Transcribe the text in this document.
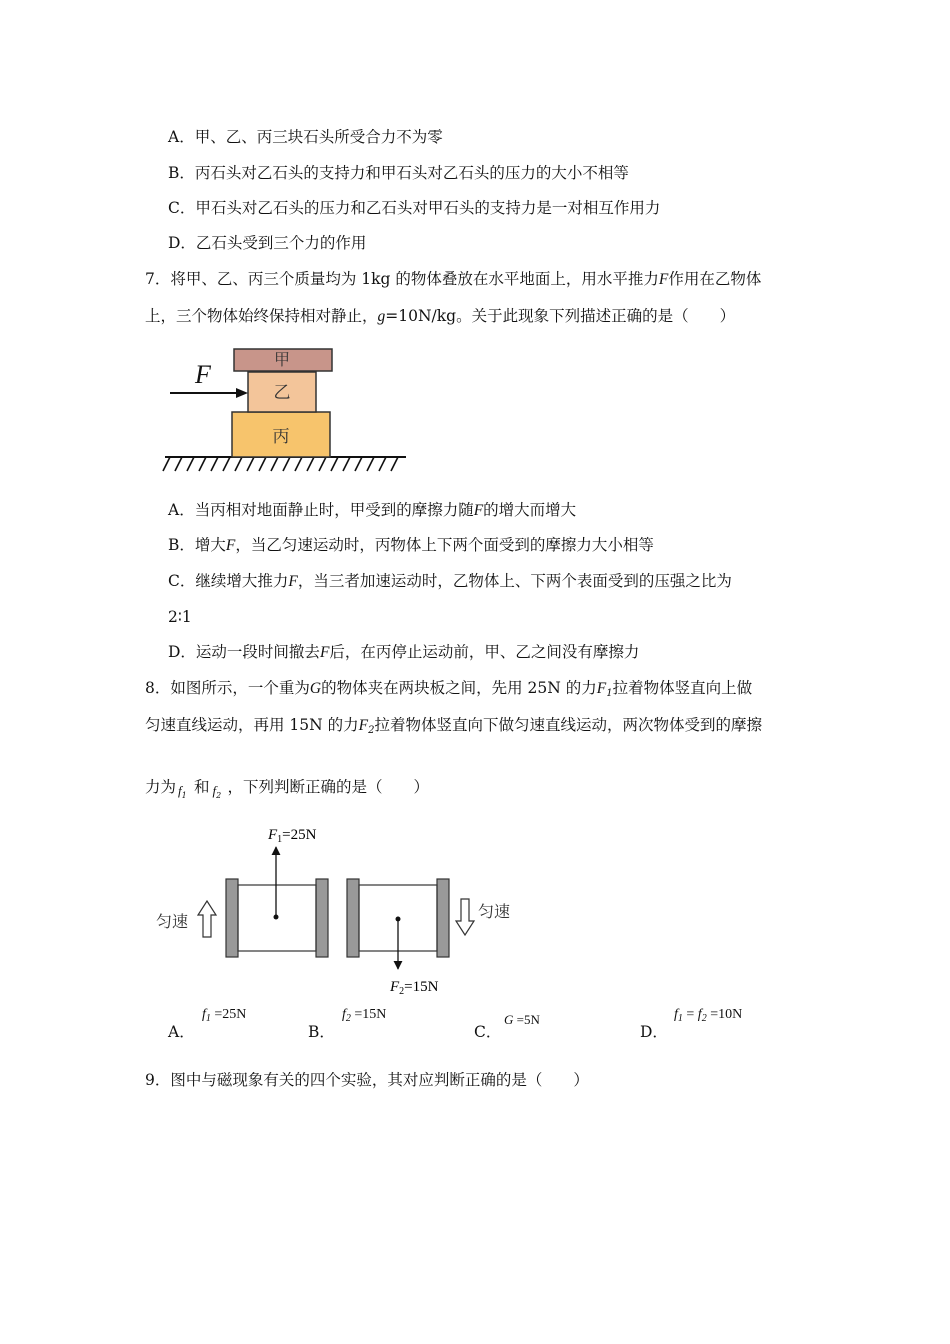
A．甲、乙、丙三块石头所受合力不为零
B．丙石头对乙石头的支持力和甲石头对乙石头的压力的大小不相等
C．甲石头对乙石头的压力和乙石头对甲石头的支持力是一对相互作用力
D．乙石头受到三个力的作用
7．将甲、乙、丙三个质量均为 1kg 的物体叠放在水平地面上，用水平推力F作用在乙物体
上，三个物体始终保持相对静止，g=10N/kg。关于此现象下列描述正确的是（　　）
丙
乙
甲
F
A．当丙相对地面静止时，甲受到的摩擦力随F的增大而增大
B．增大F，当乙匀速运动时，丙物体上下两个面受到的摩擦力大小相等
C．继续增大推力F，当三者加速运动时，乙物体上、下两个表面受到的压强之比为
2∶1
D．运动一段时间撤去F后，在丙停止运动前，甲、乙之间没有摩擦力
8．如图所示，一个重为G的物体夹在两块板之间，先用 25N 的力$F_1$拉着物体竖直向上做
匀速直线运动，再用 15N 的力$F_2$拉着物体竖直向下做匀速直线运动，两次物体受到的摩擦
力为 $f_1$ 和 $f_2$ ，下列判断正确的是（　　）
$F_1=25N$
匀速
$F_2=15N$
匀速
A．
$f_1 =25N$
B．
$f_2 =15N$
C．
G =5N
D．
$f_1 = f_2 =10N$
9．图中与磁现象有关的四个实验，其对应判断正确的是（　　）
